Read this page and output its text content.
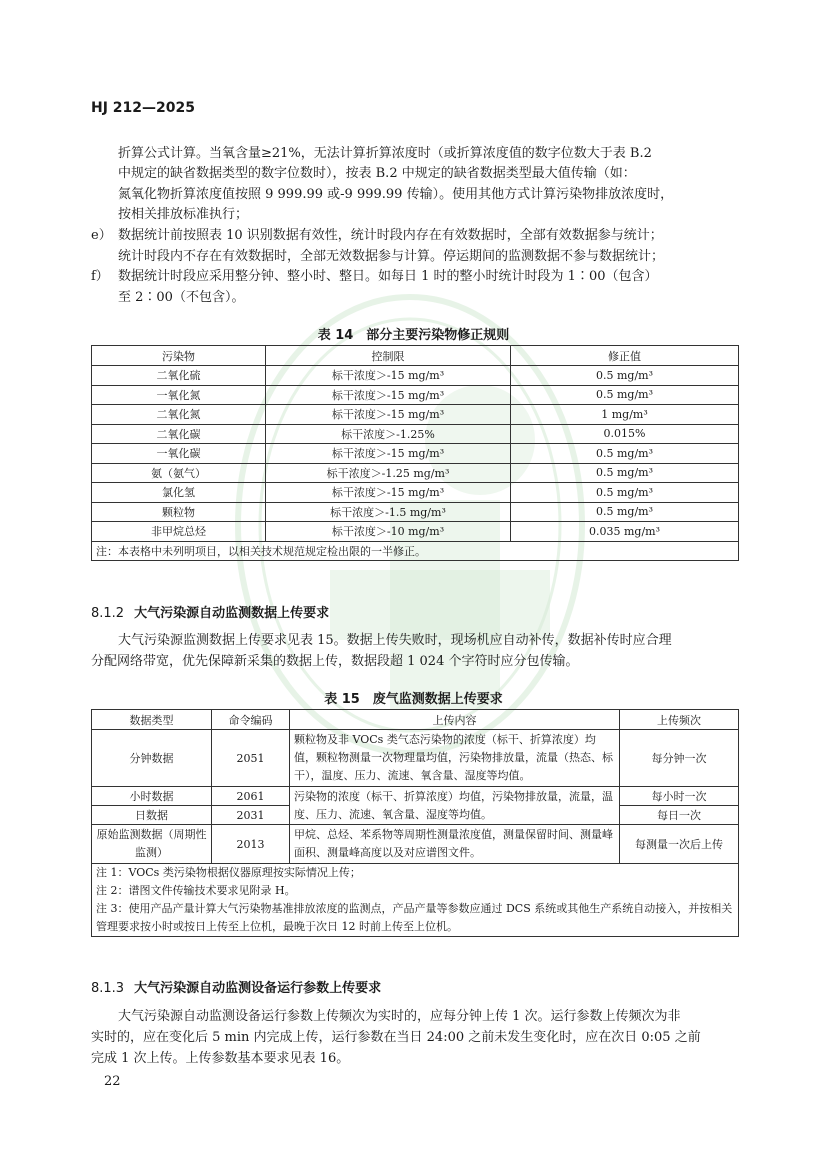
HJ 212—2025
折算公式计算。当氧含量≥21%，无法计算折算浓度时（或折算浓度值的数字位数大于表 B.2
中规定的缺省数据类型的数字位数时），按表 B.2 中规定的缺省数据类型最大值传输（如：
氮氧化物折算浓度值按照 9 999.99 或-9 999.99 传输）。使用其他方式计算污染物排放浓度时，
按相关排放标准执行；
e） 数据统计前按照表 10 识别数据有效性，统计时段内存在有效数据时，全部有效数据参与统计；
统计时段内不存在有效数据时，全部无效数据参与计算。停运期间的监测数据不参与数据统计；
f） 数据统计时段应采用整分钟、整小时、整日。如每日 1 时的整小时统计时段为 1∶00（包含）
至 2∶00（不包含）。
表 14　部分主要污染物修正规则
污染物	控制限	修正值
二氧化硫	标干浓度＞-15 mg/m³	0.5 mg/m³
一氧化氮	标干浓度＞-15 mg/m³	0.5 mg/m³
二氧化氮	标干浓度＞-15 mg/m³	1 mg/m³
二氧化碳	标干浓度＞-1.25%	0.015%
一氧化碳	标干浓度＞-15 mg/m³	0.5 mg/m³
氨（氨气）	标干浓度＞-1.25 mg/m³	0.5 mg/m³
氯化氢	标干浓度＞-15 mg/m³	0.5 mg/m³
颗粒物	标干浓度＞-1.5 mg/m³	0.5 mg/m³
非甲烷总烃	标干浓度＞-10 mg/m³	0.035 mg/m³
注：本表格中未列明项目，以相关技术规范规定检出限的一半修正。		
8.1.2 大气污染源自动监测数据上传要求
大气污染源监测数据上传要求见表 15。数据上传失败时，现场机应自动补传，数据补传时应合理
分配网络带宽，优先保障新采集的数据上传，数据段超 1 024 个字符时应分包传输。
表 15　废气监测数据上传要求
数据类型	命令编码	上传内容	上传频次
分钟数据	2051	颗粒物及非 VOCs 类气态污染物的浓度（标干、折算浓度）均值，颗粒物测量一次物理量均值，污染物排放量，流量（热态、标干），温度、压力、流速、氧含量、湿度等均值。	每分钟一次
小时数据	2061	污染物的浓度（标干、折算浓度）均值，污染物排放量，流量，温度、压力、流速、氧含量、湿度等均值。	每小时一次
日数据	2031		每日一次
原始监测数据（周期性监测）	2013	甲烷、总烃、苯系物等周期性测量浓度值，测量保留时间、测量峰面积、测量峰高度以及对应谱图文件。	每测量一次后上传

注 1：VOCs 类污染物根据仪器原理按实际情况上传；
注 2：谱图文件传输技术要求见附录 H。
注 3：使用产品产量计算大气污染物基准排放浓度的监测点，产品产量等参数应通过 DCS 系统或其他生产系统自动接入，并按相关管理要求按小时或按日上传至上位机，最晚于次日 12 时前上传至上位机。			
8.1.3 大气污染源自动监测设备运行参数上传要求
大气污染源自动监测设备运行参数上传频次为实时的，应每分钟上传 1 次。运行参数上传频次为非
实时的，应在变化后 5 min 内完成上传，运行参数在当日 24:00 之前未发生变化时，应在次日 0:05 之前
完成 1 次上传。上传参数基本要求见表 16。
22
